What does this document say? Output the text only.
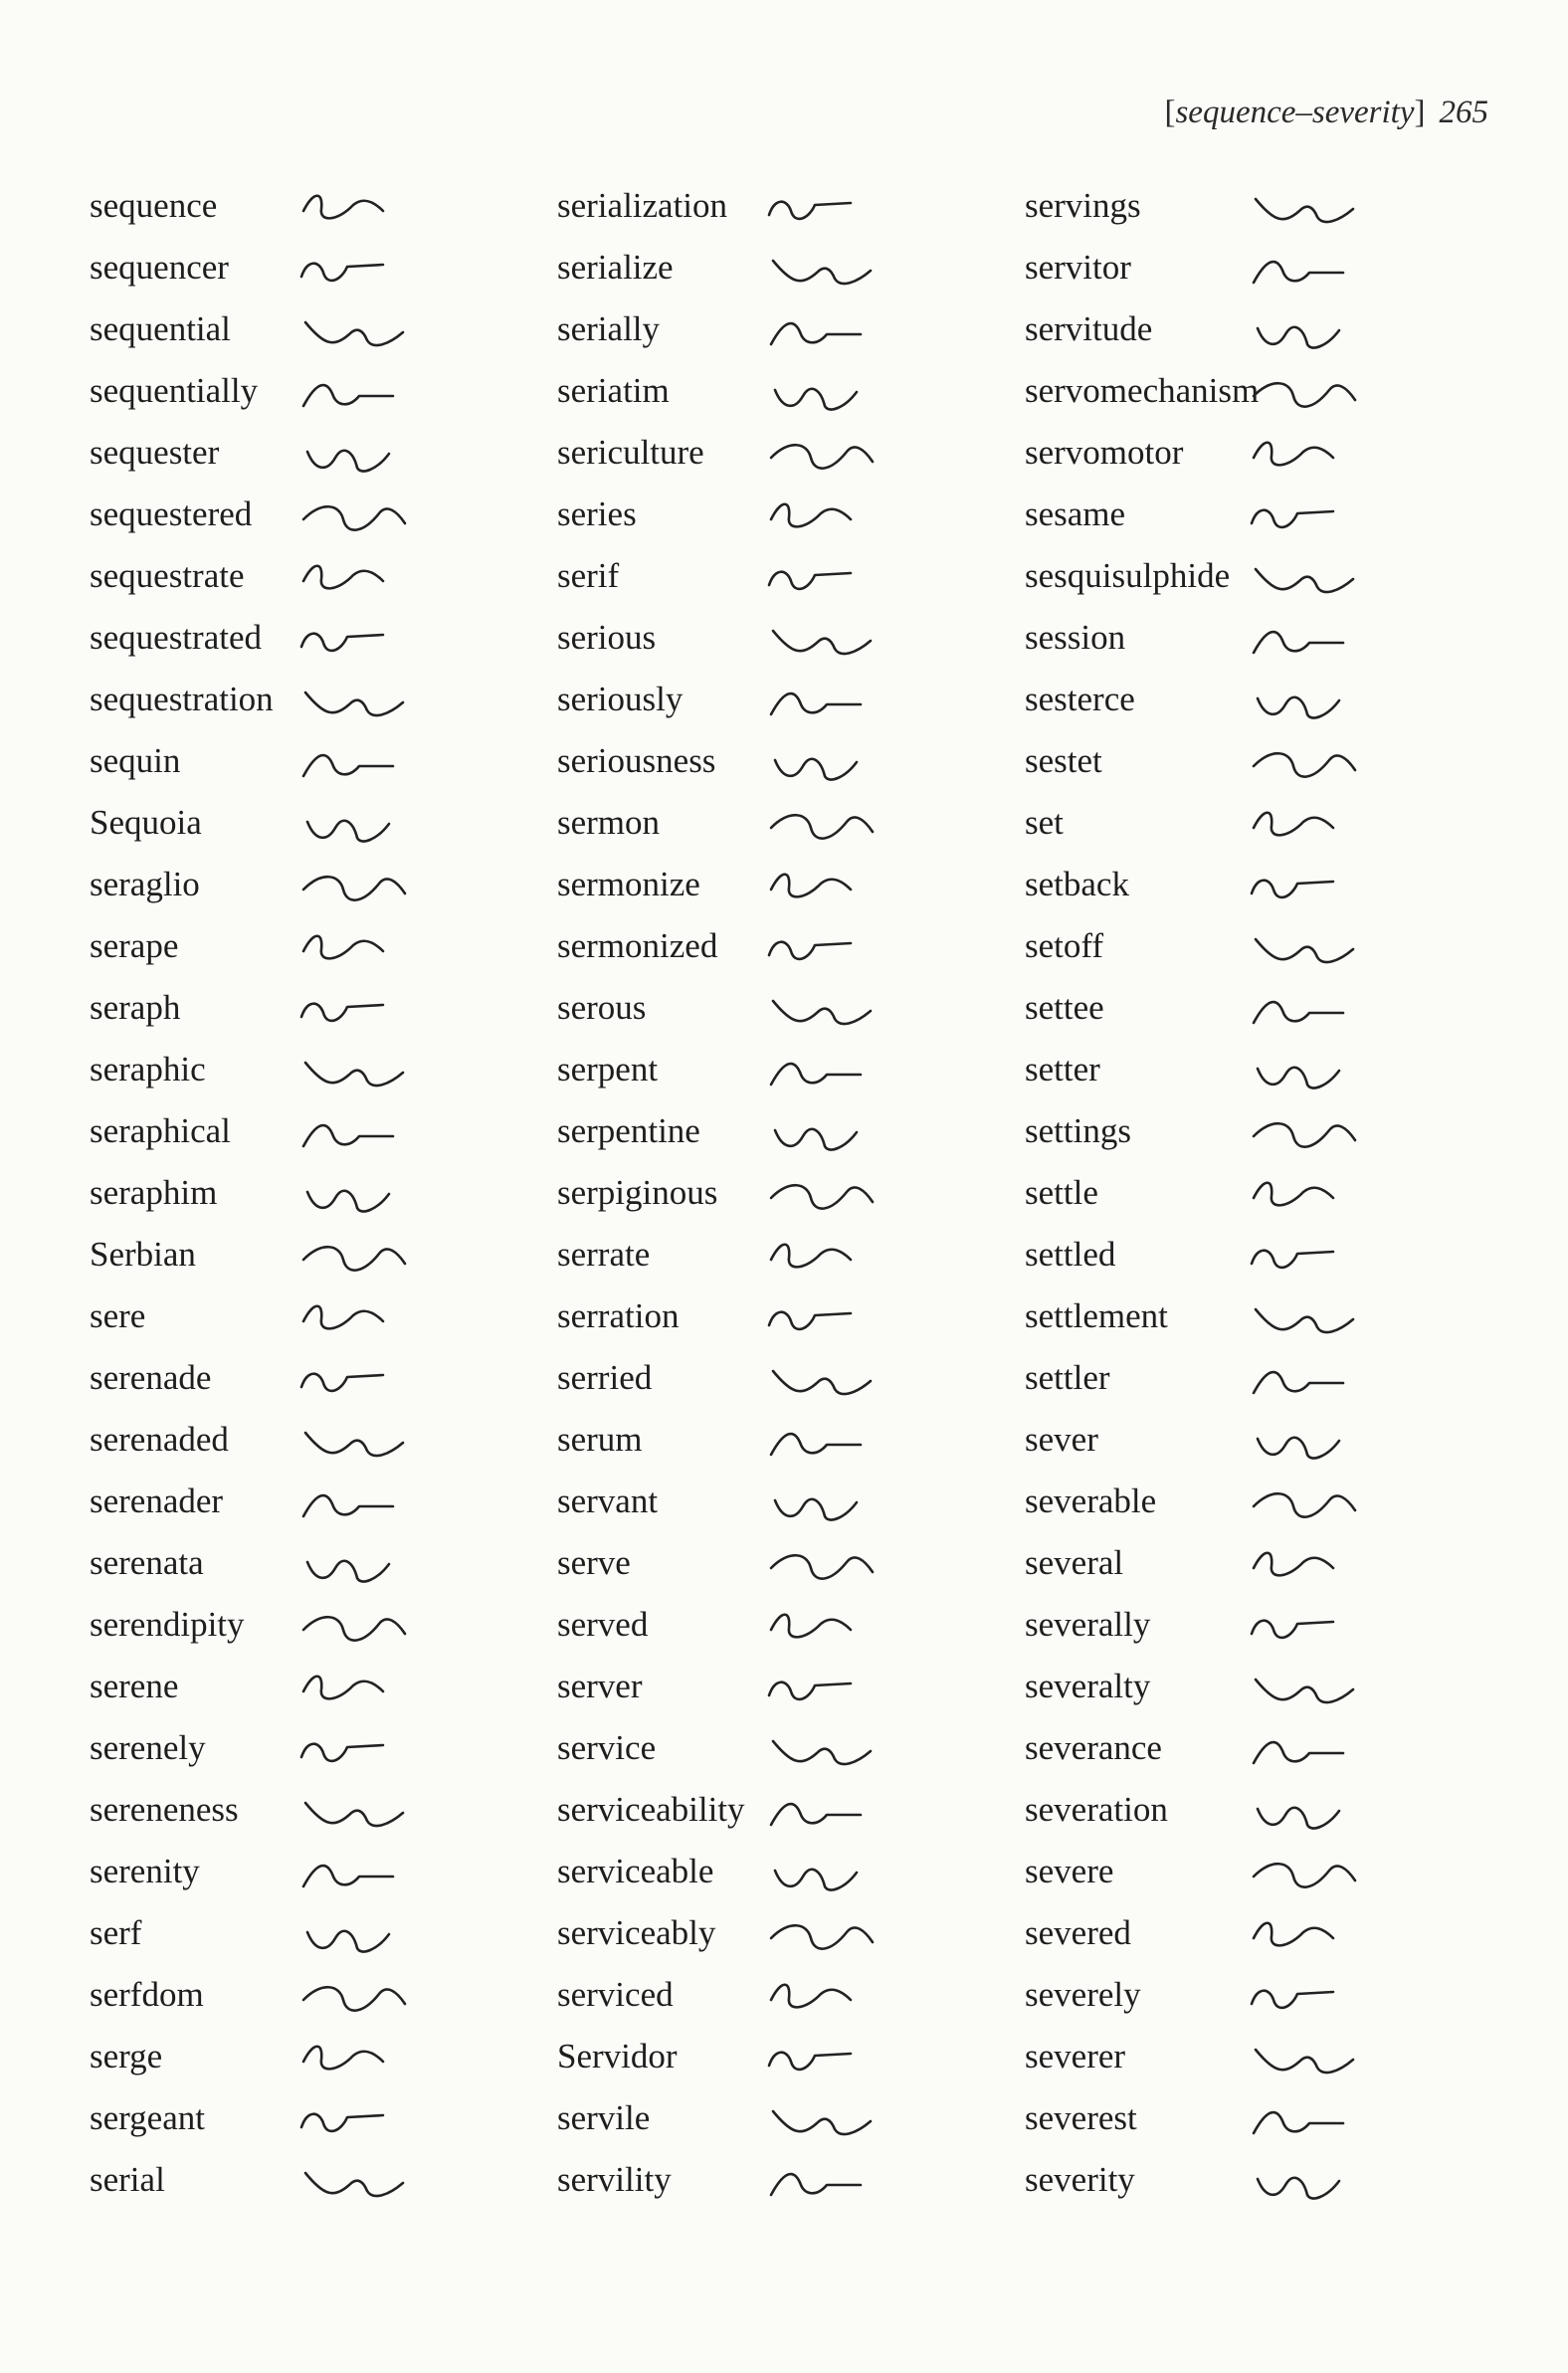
[sequence–severity] 265
sequence
sequencer
sequential
sequentially
sequester
sequestered
sequestrate
sequestrated
sequestration
sequin
Sequoia
seraglio
serape
seraph
seraphic
seraphical
seraphim
Serbian
sere
serenade
serenaded
serenader
serenata
serendipity
serene
serenely
sereneness
serenity
serf
serfdom
serge
sergeant
serial
serialization
serialize
serially
seriatim
sericulture
series
serif
serious
seriously
seriousness
sermon
sermonize
sermonized
serous
serpent
serpentine
serpiginous
serrate
serration
serried
serum
servant
serve
served
server
service
serviceability
serviceable
serviceably
serviced
Servidor
servile
servility
servings
servitor
servitude
servomechanism
servomotor
sesame
sesquisulphide
session
sesterce
sestet
set
setback
setoff
settee
setter
settings
settle
settled
settlement
settler
sever
severable
several
severally
severalty
severance
severation
severe
severed
severely
severer
severest
severity
